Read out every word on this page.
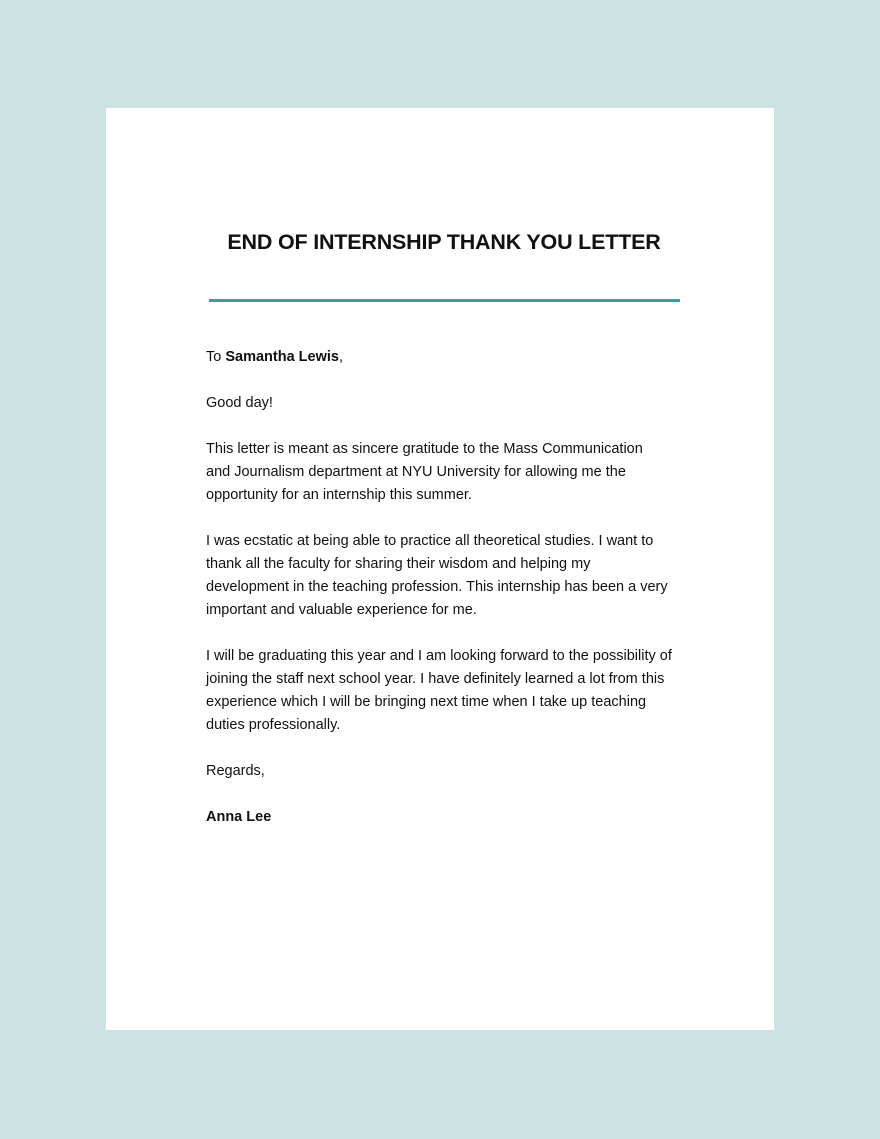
END OF INTERNSHIP THANK YOU LETTER

To Samantha Lewis,

Good day!

This letter is meant as sincere gratitude to the Mass Communication and Journalism department at NYU University for allowing me the opportunity for an internship this summer.

I was ecstatic at being able to practice all theoretical studies. I want to thank all the faculty for sharing their wisdom and helping my development in the teaching profession. This internship has been a very important and valuable experience for me.

I will be graduating this year and I am looking forward to the possibility of joining the staff next school year. I have definitely learned a lot from this experience which I will be bringing next time when I take up teaching duties professionally.

Regards,

Anna Lee
